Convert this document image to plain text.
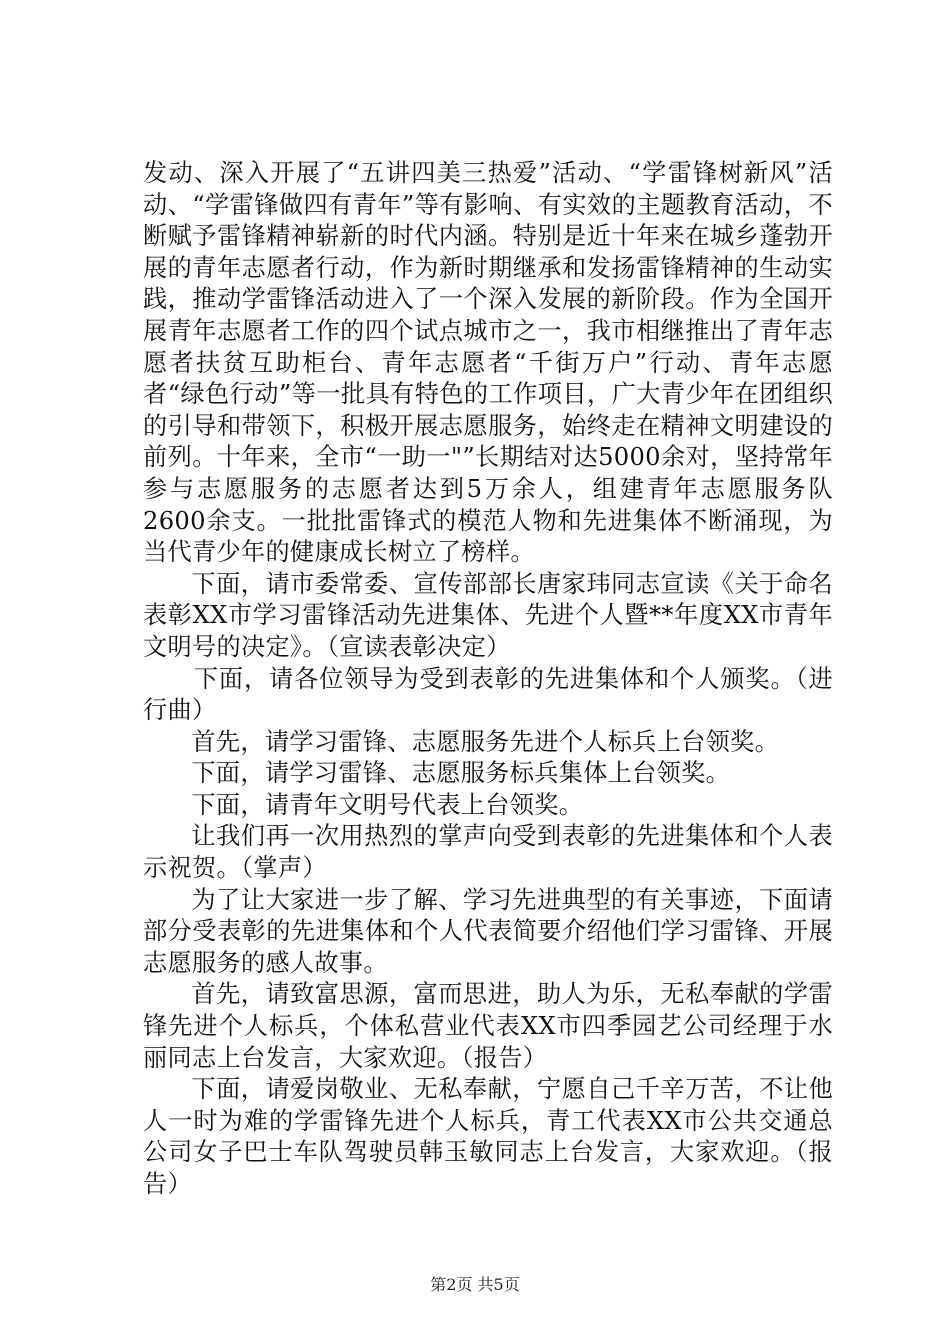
发动、深入开展了“五讲四美三热爱”活动、“学雷锋树新风”活动、“学雷锋做四有青年”等有影响、有实效的主题教育活动，不断赋予雷锋精神崭新的时代内涵。特别是近十年来在城乡蓬勃开展的青年志愿者行动，作为新时期继承和发扬雷锋精神的生动实践，推动学雷锋活动进入了一个深入发展的新阶段。作为全国开展青年志愿者工作的四个试点城市之一，我市相继推出了青年志愿者扶贫互助柜台、青年志愿者“千街万户”行动、青年志愿者“绿色行动”等一批具有特色的工作项目，广大青少年在团组织的引导和带领下，积极开展志愿服务，始终走在精神文明建设的前列。十年来，全市“一助一"”长期结对达5000余对，坚持常年参与志愿服务的志愿者达到5万余人，组建青年志愿服务队2600余支。一批批雷锋式的模范人物和先进集体不断涌现，为当代青少年的健康成长树立了榜样。

下面，请市委常委、宣传部部长唐家玮同志宣读《关于命名表彰XX市学习雷锋活动先进集体、先进个人暨**年度XX市青年文明号的决定》。（宣读表彰决定）

下面，请各位领导为受到表彰的先进集体和个人颁奖。（进行曲）

首先，请学习雷锋、志愿服务先进个人标兵上台领奖。

下面，请学习雷锋、志愿服务标兵集体上台领奖。

下面，请青年文明号代表上台领奖。

让我们再一次用热烈的掌声向受到表彰的先进集体和个人表示祝贺。（掌声）

为了让大家进一步了解、学习先进典型的有关事迹，下面请部分受表彰的先进集体和个人代表简要介绍他们学习雷锋、开展志愿服务的感人故事。

首先，请致富思源，富而思进，助人为乐，无私奉献的学雷锋先进个人标兵，个体私营业代表XX市四季园艺公司经理于水丽同志上台发言，大家欢迎。（报告）

下面，请爱岗敬业、无私奉献，宁愿自己千辛万苦，不让他人一时为难的学雷锋先进个人标兵，青工代表XX市公共交通总公司女子巴士车队驾驶员韩玉敏同志上台发言，大家欢迎。（报告）

第2页 共5页
